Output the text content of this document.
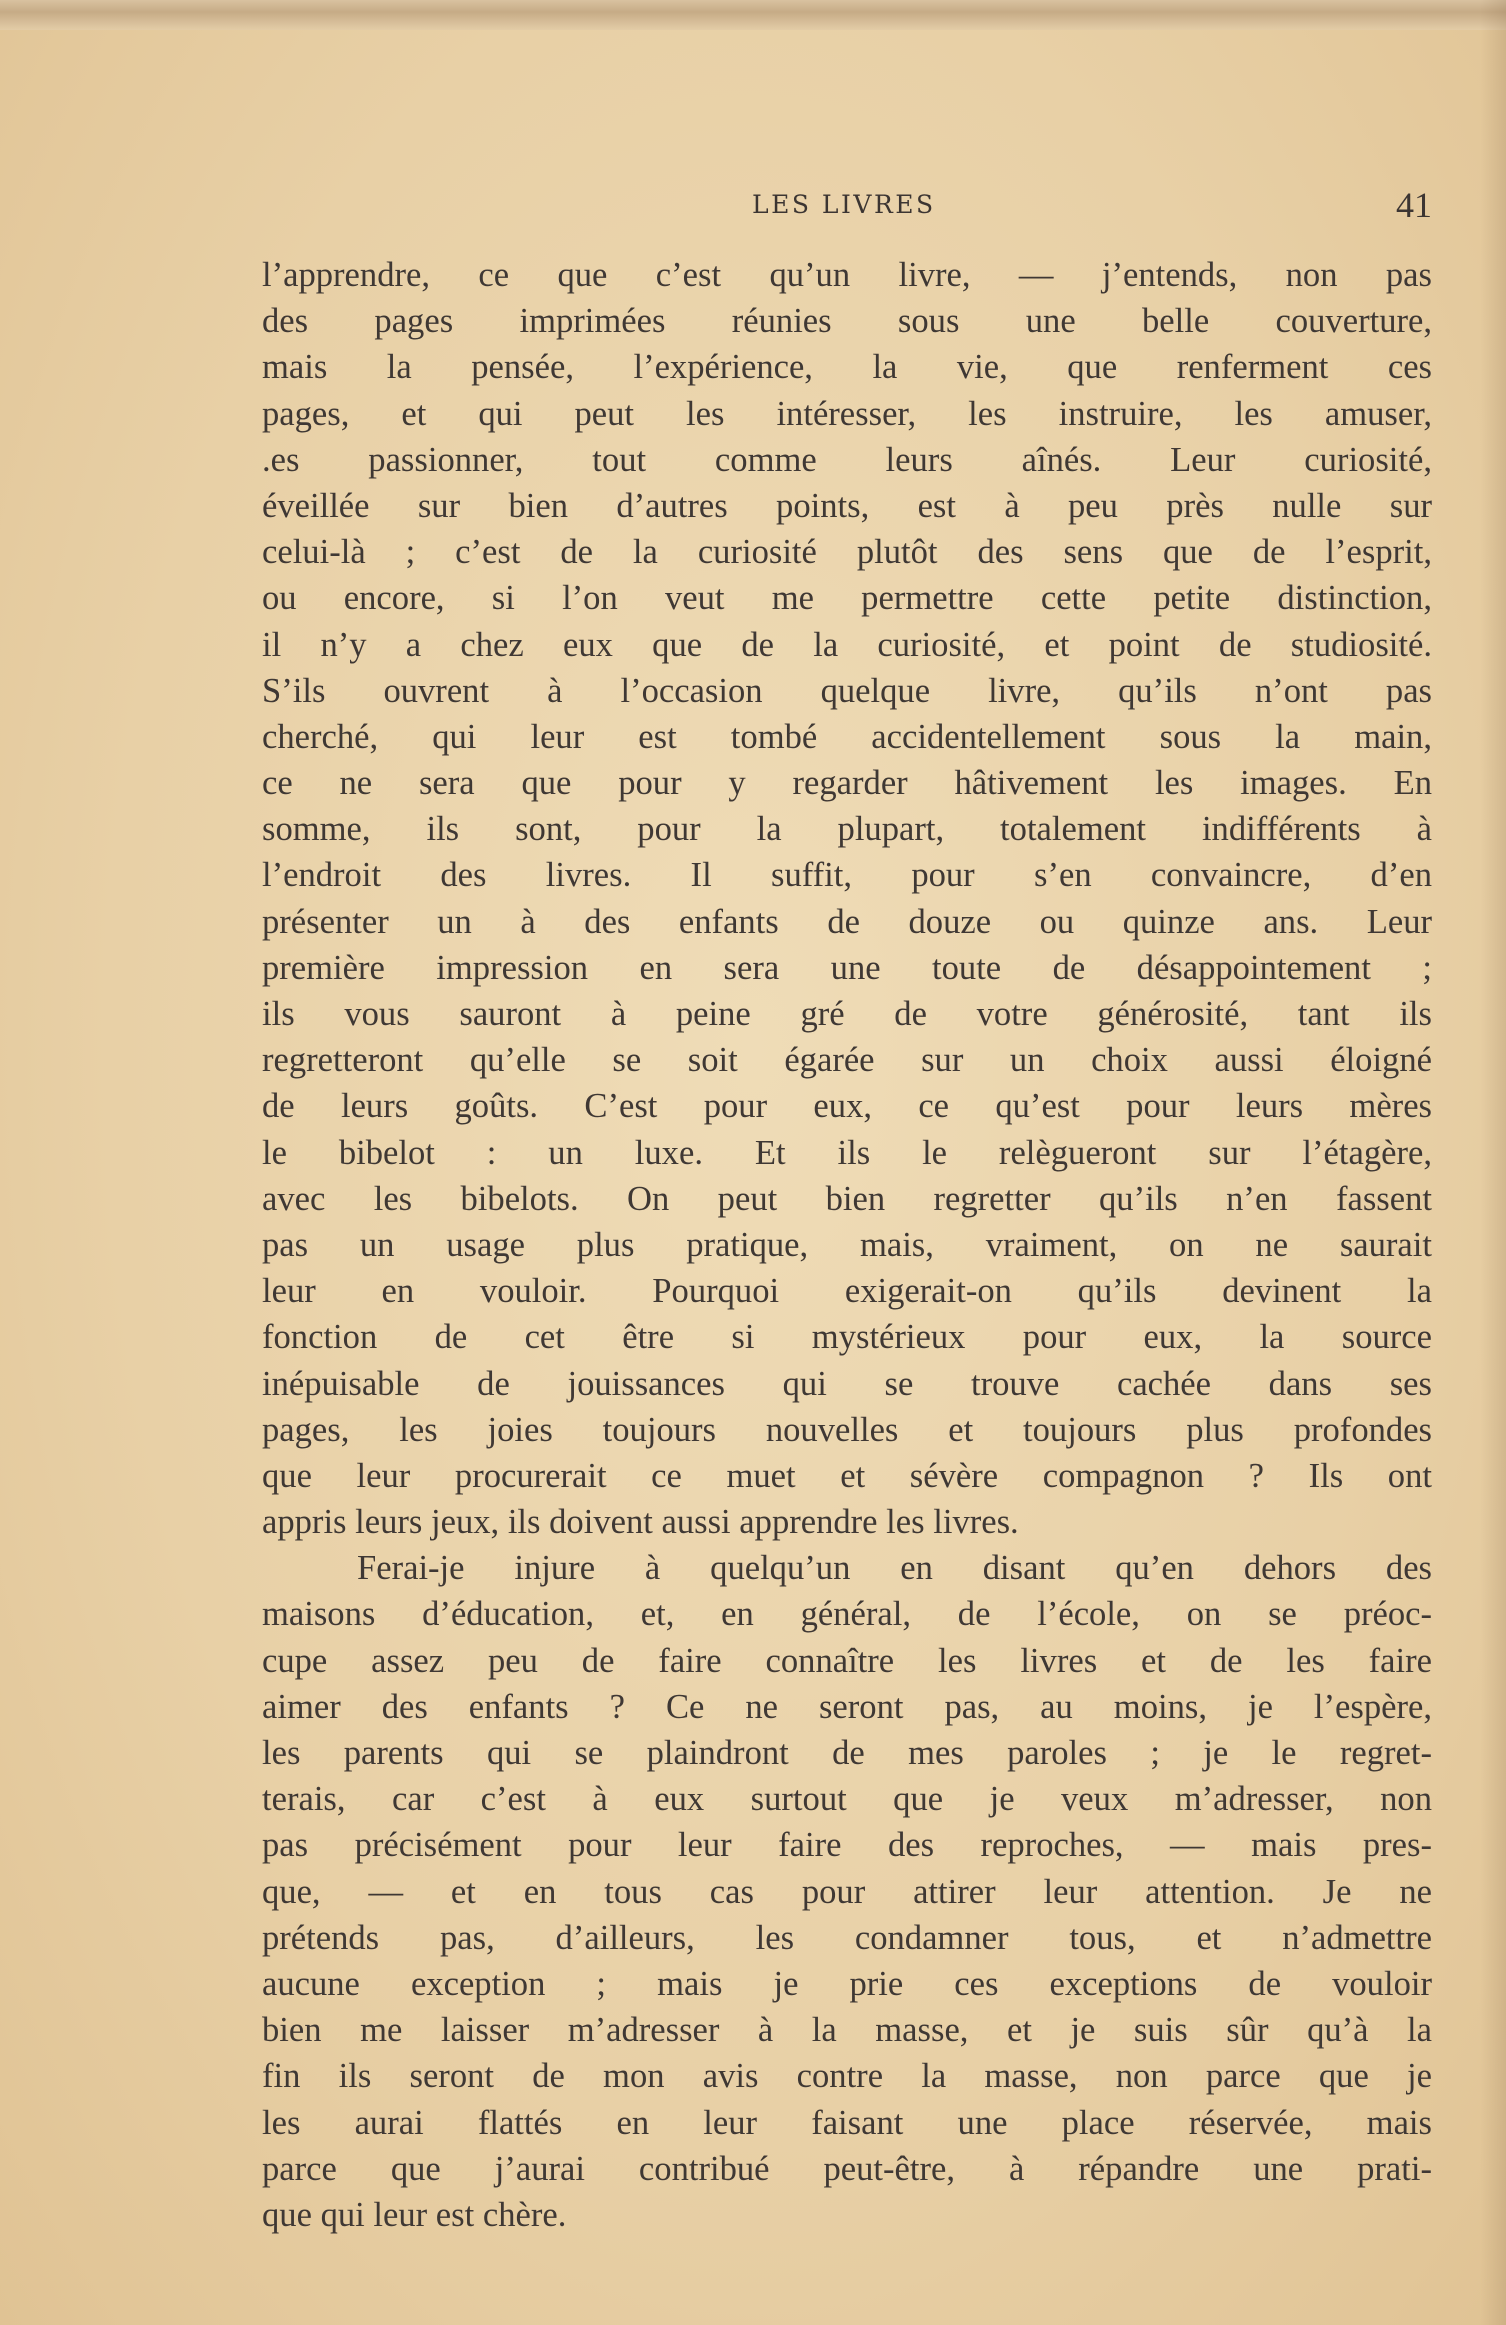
LES LIVRES	41
l’apprendre, ce que c’est qu’un livre, — j’entends, non pas
des pages imprimées réunies sous une belle couverture,
mais la pensée, l’expérience, la vie, que renferment ces
pages, et qui peut les intéresser, les instruire, les amuser,
.es passionner, tout comme leurs aînés. Leur curiosité,
éveillée sur bien d’autres points, est à peu près nulle sur
celui-là ; c’est de la curiosité plutôt des sens que de l’esprit,
ou encore, si l’on veut me permettre cette petite distinction,
il n’y a chez eux que de la curiosité, et point de studiosité.
S’ils ouvrent à l’occasion quelque livre, qu’ils n’ont pas
cherché, qui leur est tombé accidentellement sous la main,
ce ne sera que pour y regarder hâtivement les images. En
somme, ils sont, pour la plupart, totalement indifférents à
l’endroit des livres. Il suffit, pour s’en convaincre, d’en
présenter un à des enfants de douze ou quinze ans. Leur
première impression en sera une toute de désappointement ;
ils vous sauront à peine gré de votre générosité, tant ils
regretteront qu’elle se soit égarée sur un choix aussi éloigné
de leurs goûts. C’est pour eux, ce qu’est pour leurs mères
le bibelot : un luxe. Et ils le relègueront sur l’étagère,
avec les bibelots. On peut bien regretter qu’ils n’en fassent
pas un usage plus pratique, mais, vraiment, on ne saurait
leur en vouloir. Pourquoi exigerait-on qu’ils devinent la
fonction de cet être si mystérieux pour eux, la source
inépuisable de jouissances qui se trouve cachée dans ses
pages, les joies toujours nouvelles et toujours plus profondes
que leur procurerait ce muet et sévère compagnon ? Ils ont
appris leurs jeux, ils doivent aussi apprendre les livres.
Ferai-je injure à quelqu’un en disant qu’en dehors des
maisons d’éducation, et, en général, de l’école, on se préoc-
cupe assez peu de faire connaître les livres et de les faire
aimer des enfants ? Ce ne seront pas, au moins, je l’espère,
les parents qui se plaindront de mes paroles ; je le regret-
terais, car c’est à eux surtout que je veux m’adresser, non
pas précisément pour leur faire des reproches, — mais pres-
que, — et en tous cas pour attirer leur attention. Je ne
prétends pas, d’ailleurs, les condamner tous, et n’admettre
aucune exception ; mais je prie ces exceptions de vouloir
bien me laisser m’adresser à la masse, et je suis sûr qu’à la
fin ils seront de mon avis contre la masse, non parce que je
les aurai flattés en leur faisant une place réservée, mais
parce que j’aurai contribué peut-être, à répandre une prati-
que qui leur est chère.
